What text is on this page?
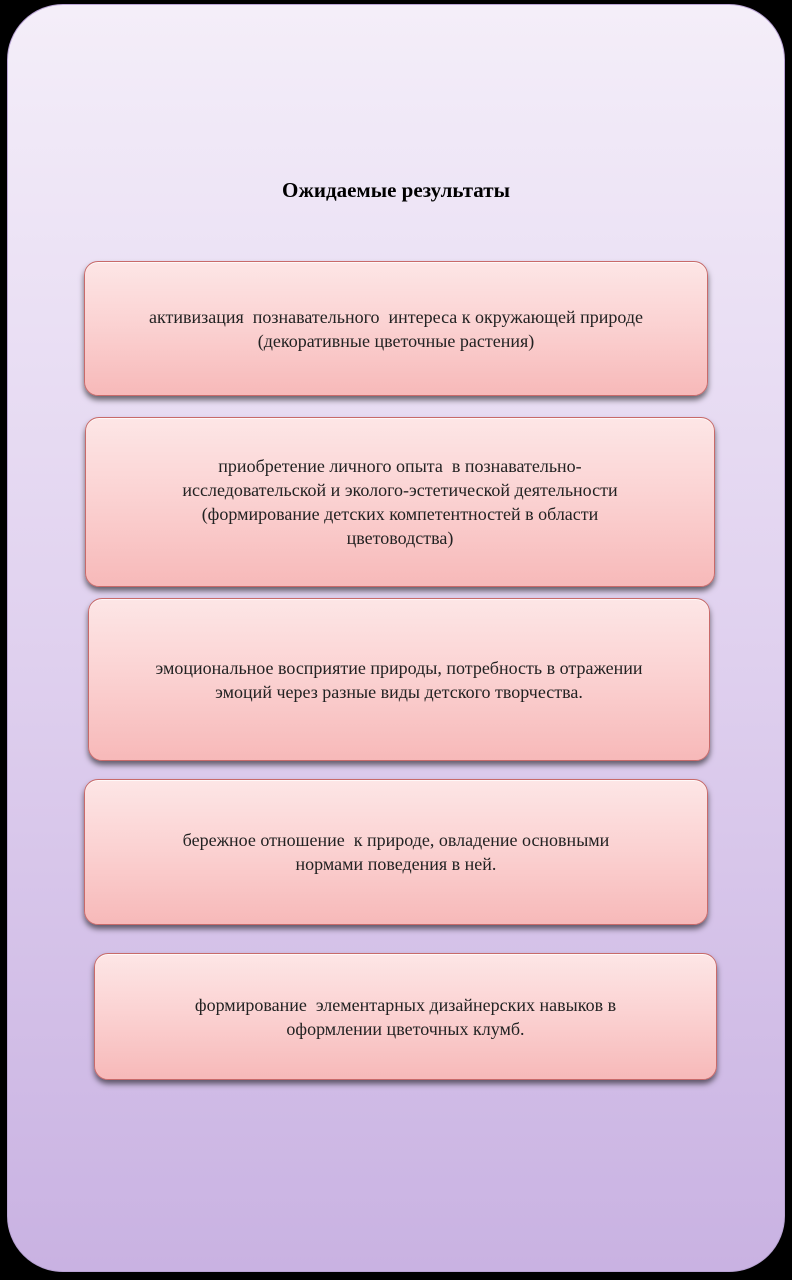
Ожидаемые результаты
активизация  познавательного  интереса к окружающей природе
(декоративные цветочные растения)
приобретение личного опыта  в познавательно-
исследовательской и эколого-эстетической деятельности
(формирование детских компетентностей в области
цветоводства)
эмоциональное восприятие природы, потребность в отражении
эмоций через разные виды детского творчества.
бережное отношение  к природе, овладение основными
нормами поведения в ней.
формирование  элементарных дизайнерских навыков в
оформлении цветочных клумб.
